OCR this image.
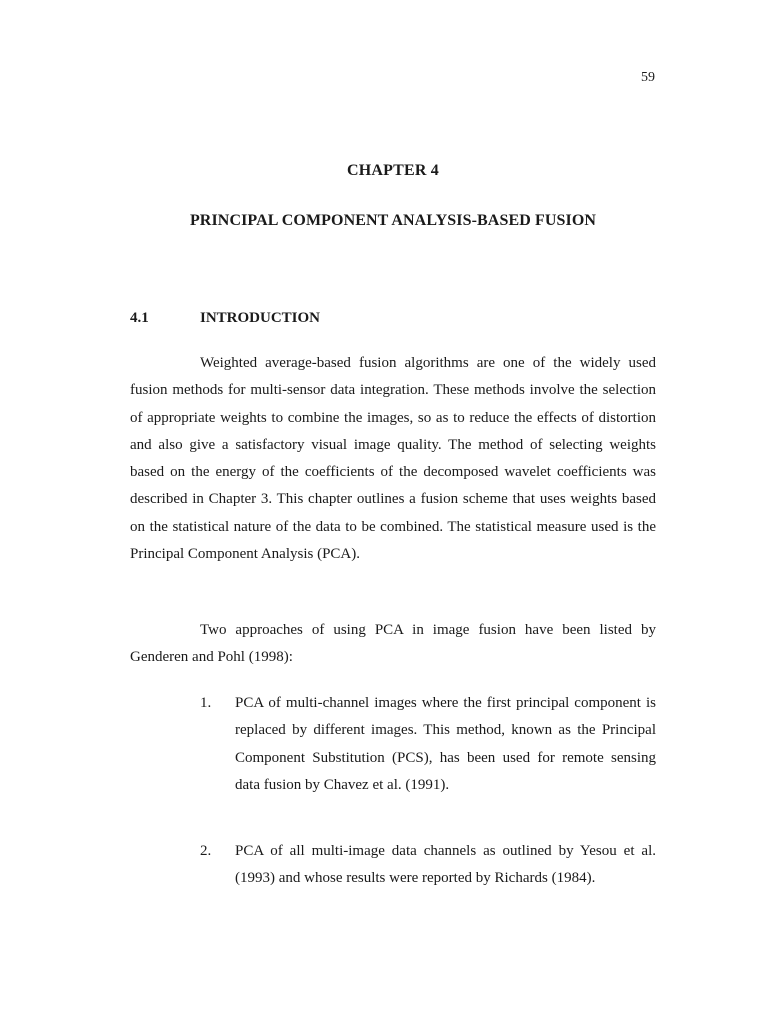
59
CHAPTER 4
PRINCIPAL COMPONENT ANALYSIS-BASED FUSION
4.1	INTRODUCTION

Weighted average-based fusion algorithms are one of the widely used fusion methods for multi-sensor data integration. These methods involve the selection of appropriate weights to combine the images, so as to reduce the effects of distortion and also give a satisfactory visual image quality. The method of selecting weights based on the energy of the coefficients of the decomposed wavelet coefficients was described in Chapter 3. This chapter outlines a fusion scheme that uses weights based on the statistical nature of the data to be combined. The statistical measure used is the Principal Component Analysis (PCA).

Two approaches of using PCA in image fusion have been listed by Genderen and Pohl (1998):

1. PCA of multi-channel images where the first principal component is replaced by different images. This method, known as the Principal Component Substitution (PCS), has been used for remote sensing data fusion by Chavez et al. (1991).
2. PCA of all multi-image data channels as outlined by Yesou et al. (1993) and whose results were reported by Richards (1984).
